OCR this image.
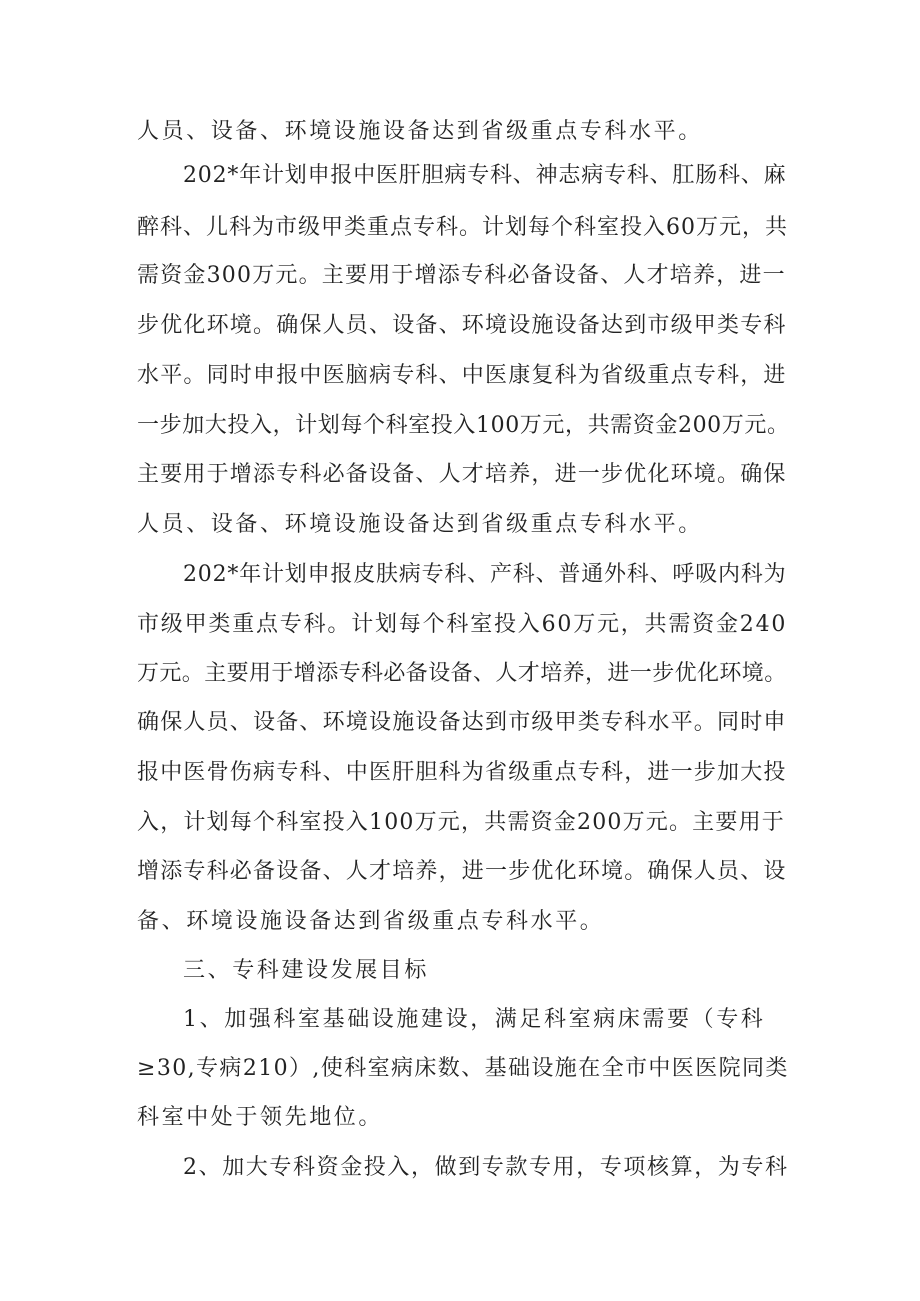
人员、设备、环境设施设备达到省级重点专科水平。
202*年计划申报中医肝胆病专科、神志病专科、肛肠科、麻
醉科、儿科为市级甲类重点专科。计划每个科室投入60万元，共
需资金300万元。主要用于增添专科必备设备、人才培养，进一
步优化环境。确保人员、设备、环境设施设备达到市级甲类专科
水平。同时申报中医脑病专科、中医康复科为省级重点专科，进
一步加大投入，计划每个科室投入100万元，共需资金200万元。
主要用于增添专科必备设备、人才培养，进一步优化环境。确保
人员、设备、环境设施设备达到省级重点专科水平。
202*年计划申报皮肤病专科、产科、普通外科、呼吸内科为
市级甲类重点专科。计划每个科室投入60万元，共需资金240
万元。主要用于增添专科必备设备、人才培养，进一步优化环境。
确保人员、设备、环境设施设备达到市级甲类专科水平。同时申
报中医骨伤病专科、中医肝胆科为省级重点专科，进一步加大投
入，计划每个科室投入100万元，共需资金200万元。主要用于
增添专科必备设备、人才培养，进一步优化环境。确保人员、设
备、环境设施设备达到省级重点专科水平。
三、专科建设发展目标
1、加强科室基础设施建设，满足科室病床需要（专科
≥30,专病210）,使科室病床数、基础设施在全市中医医院同类
科室中处于领先地位。
2、加大专科资金投入，做到专款专用，专项核算，为专科
